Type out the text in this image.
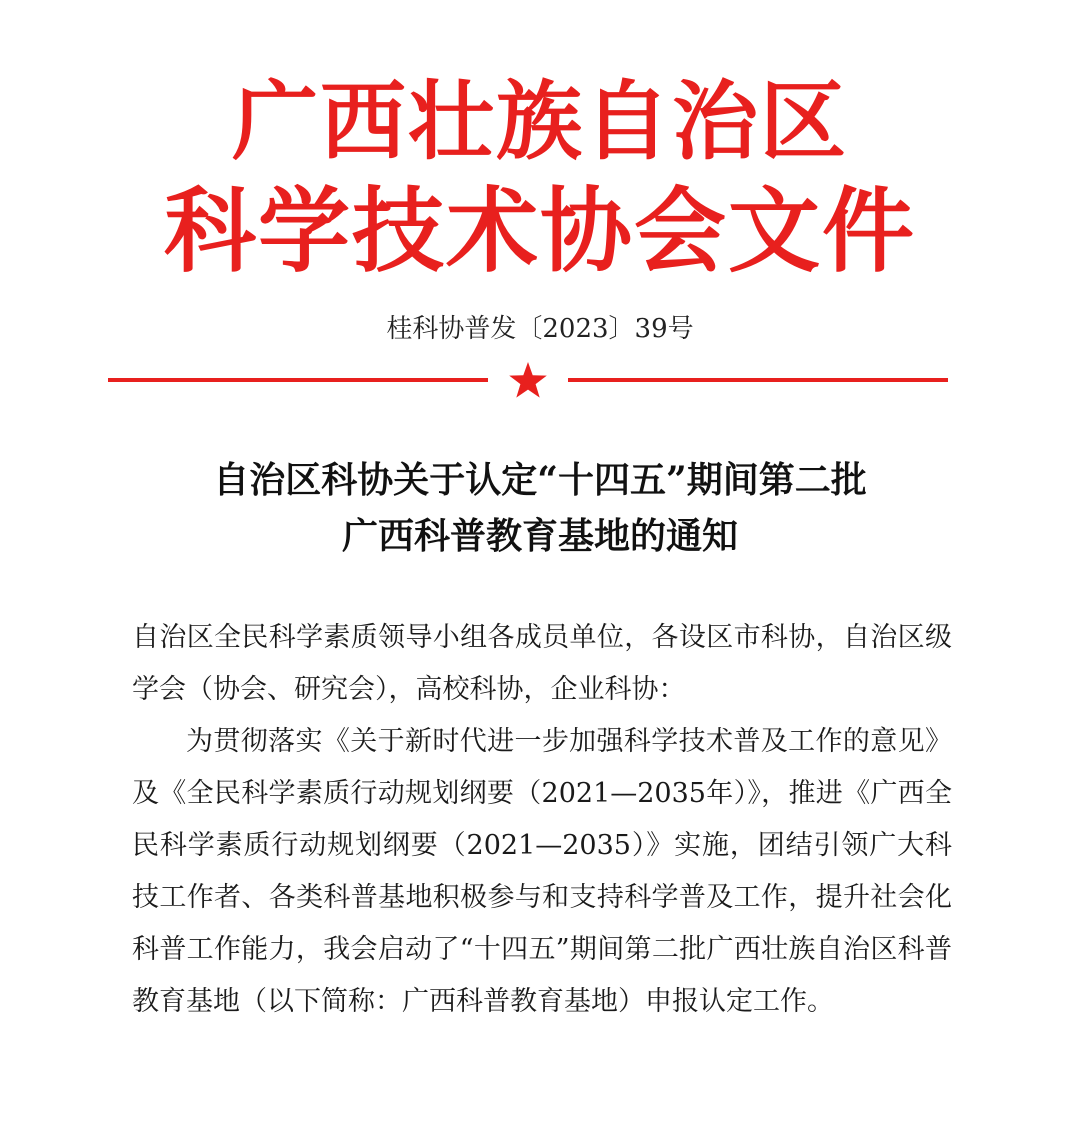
广西壮族自治区
科学技术协会文件
桂科协普发〔2023〕39号
自治区科协关于认定“十四五”期间第二批
广西科普教育基地的通知
自治区全民科学素质领导小组各成员单位，各设区市科协，自治区级学会（协会、研究会），高校科协，企业科协：
为贯彻落实《关于新时代进一步加强科学技术普及工作的意见》及《全民科学素质行动规划纲要（2021—2035年）》，推进《广西全民科学素质行动规划纲要（2021—2035）》实施，团结引领广大科技工作者、各类科普基地积极参与和支持科学普及工作，提升社会化科普工作能力，我会启动了“十四五”期间第二批广西壮族自治区科普教育基地（以下简称：广西科普教育基地）申报认定工作。
